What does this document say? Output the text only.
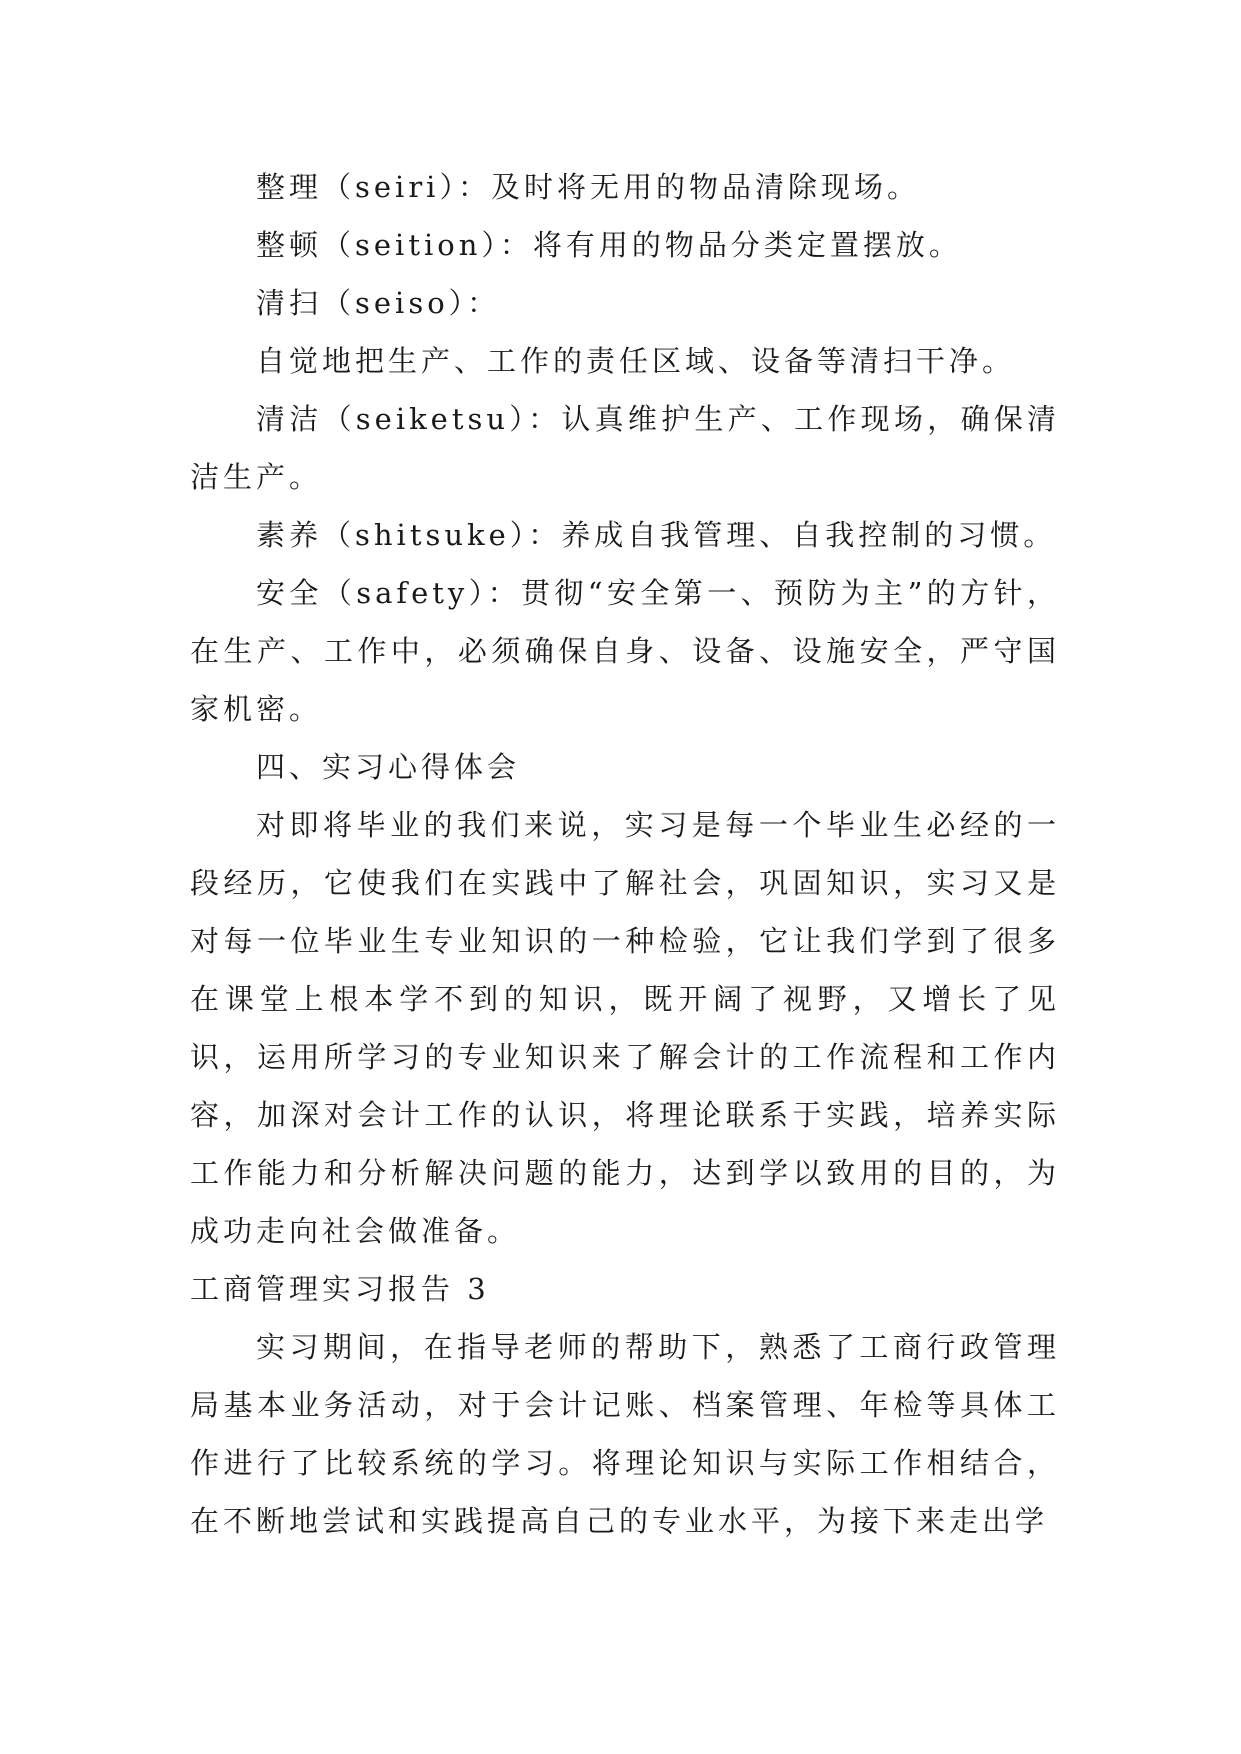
整理（seiri）：及时将无用的物品清除现场。

整顿（seition）：将有用的物品分类定置摆放。

清扫（seiso）：

自觉地把生产、工作的责任区域、设备等清扫干净。

清洁（seiketsu）：认真维护生产、工作现场，确保清洁生产。

素养（shitsuke）：养成自我管理、自我控制的习惯。

安全（safety）：贯彻“安全第一、预防为主”的方针，在生产、工作中，必须确保自身、设备、设施安全，严守国家机密。

四、实习心得体会

对即将毕业的我们来说，实习是每一个毕业生必经的一段经历，它使我们在实践中了解社会，巩固知识，实习又是对每一位毕业生专业知识的一种检验，它让我们学到了很多在课堂上根本学不到的知识，既开阔了视野，又增长了见识，运用所学习的专业知识来了解会计的工作流程和工作内容，加深对会计工作的认识，将理论联系于实践，培养实际工作能力和分析解决问题的能力，达到学以致用的目的，为成功走向社会做准备。

工商管理实习报告 3

实习期间，在指导老师的帮助下，熟悉了工商行政管理局基本业务活动，对于会计记账、档案管理、年检等具体工作进行了比较系统的学习。将理论知识与实际工作相结合，在不断地尝试和实践提高自己的专业水平，为接下来走出学
